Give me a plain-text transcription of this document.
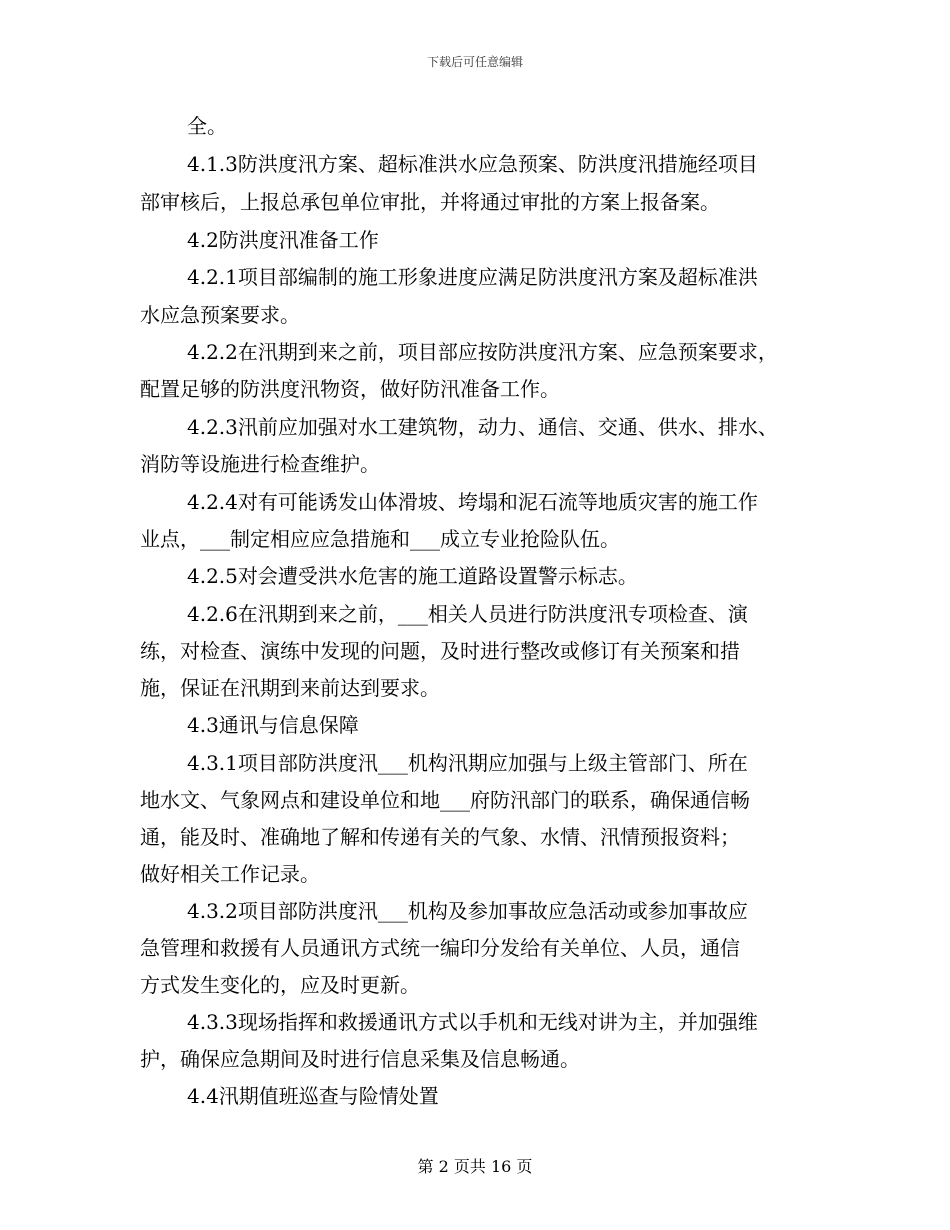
下载后可任意编辑
全。
4.1.3防洪度汛方案、超标准洪水应急预案、防洪度汛措施经项目
部审核后，上报总承包单位审批，并将通过审批的方案上报备案。
4.2防洪度汛准备工作
4.2.1项目部编制的施工形象进度应满足防洪度汛方案及超标准洪
水应急预案要求。
4.2.2在汛期到来之前，项目部应按防洪度汛方案、应急预案要求，
配置足够的防洪度汛物资，做好防汛准备工作。
4.2.3汛前应加强对水工建筑物，动力、通信、交通、供水、排水、
消防等设施进行检查维护。
4.2.4对有可能诱发山体滑坡、垮塌和泥石流等地质灾害的施工作
业点，___制定相应应急措施和___成立专业抢险队伍。
4.2.5对会遭受洪水危害的施工道路设置警示标志。
4.2.6在汛期到来之前，___相关人员进行防洪度汛专项检查、演
练，对检查、演练中发现的问题，及时进行整改或修订有关预案和措
施，保证在汛期到来前达到要求。
4.3通讯与信息保障
4.3.1项目部防洪度汛___机构汛期应加强与上级主管部门、所在
地水文、气象网点和建设单位和地___府防汛部门的联系，确保通信畅
通，能及时、准确地了解和传递有关的气象、水情、汛情预报资料；
做好相关工作记录。
4.3.2项目部防洪度汛___机构及参加事故应急活动或参加事故应
急管理和救援有人员通讯方式统一编印分发给有关单位、人员，通信
方式发生变化的，应及时更新。
4.3.3现场指挥和救援通讯方式以手机和无线对讲为主，并加强维
护，确保应急期间及时进行信息采集及信息畅通。
4.4汛期值班巡查与险情处置
第 2 页共 16 页
